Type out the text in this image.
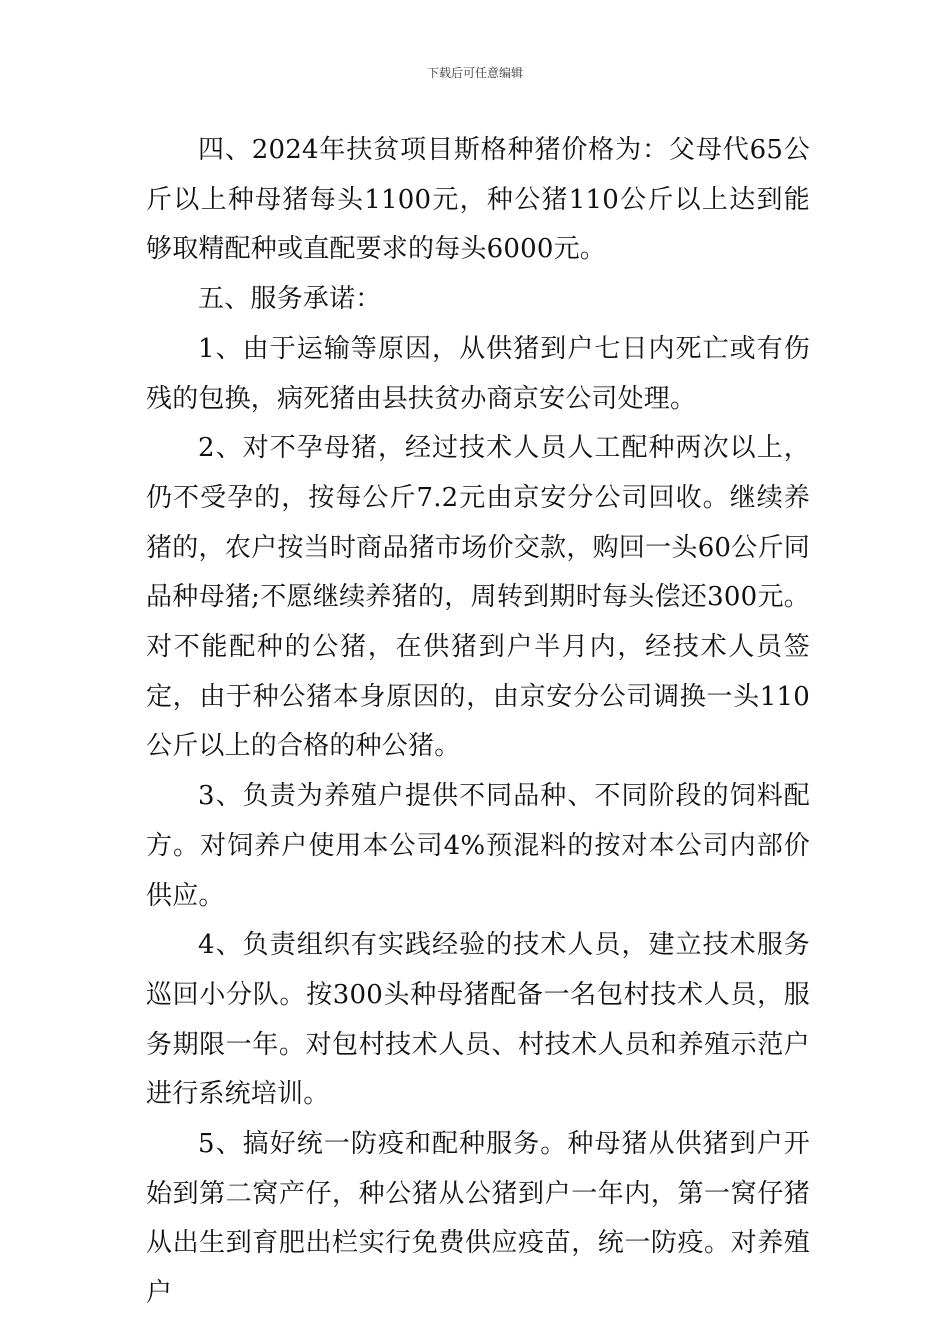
下载后可任意编辑

四、2024年扶贫项目斯格种猪价格为：父母代65公斤以上种母猪每头1100元，种公猪110公斤以上达到能够取精配种或直配要求的每头6000元。

五、服务承诺：

1、由于运输等原因，从供猪到户七日内死亡或有伤残的包换，病死猪由县扶贫办商京安公司处理。

2、对不孕母猪，经过技术人员人工配种两次以上，仍不受孕的，按每公斤7.2元由京安分公司回收。继续养猪的，农户按当时商品猪市场价交款，购回一头60公斤同品种母猪;不愿继续养猪的，周转到期时每头偿还300元。对不能配种的公猪，在供猪到户半月内，经技术人员签定，由于种公猪本身原因的，由京安分公司调换一头110公斤以上的合格的种公猪。

3、负责为养殖户提供不同品种、不同阶段的饲料配方。对饲养户使用本公司4%预混料的按对本公司内部价供应。

4、负责组织有实践经验的技术人员，建立技术服务巡回小分队。按300头种母猪配备一名包村技术人员，服务期限一年。对包村技术人员、村技术人员和养殖示范户进行系统培训。

5、搞好统一防疫和配种服务。种母猪从供猪到户开始到第二窝产仔，种公猪从公猪到户一年内，第一窝仔猪从出生到育肥出栏实行免费供应疫苗，统一防疫。对养殖户
